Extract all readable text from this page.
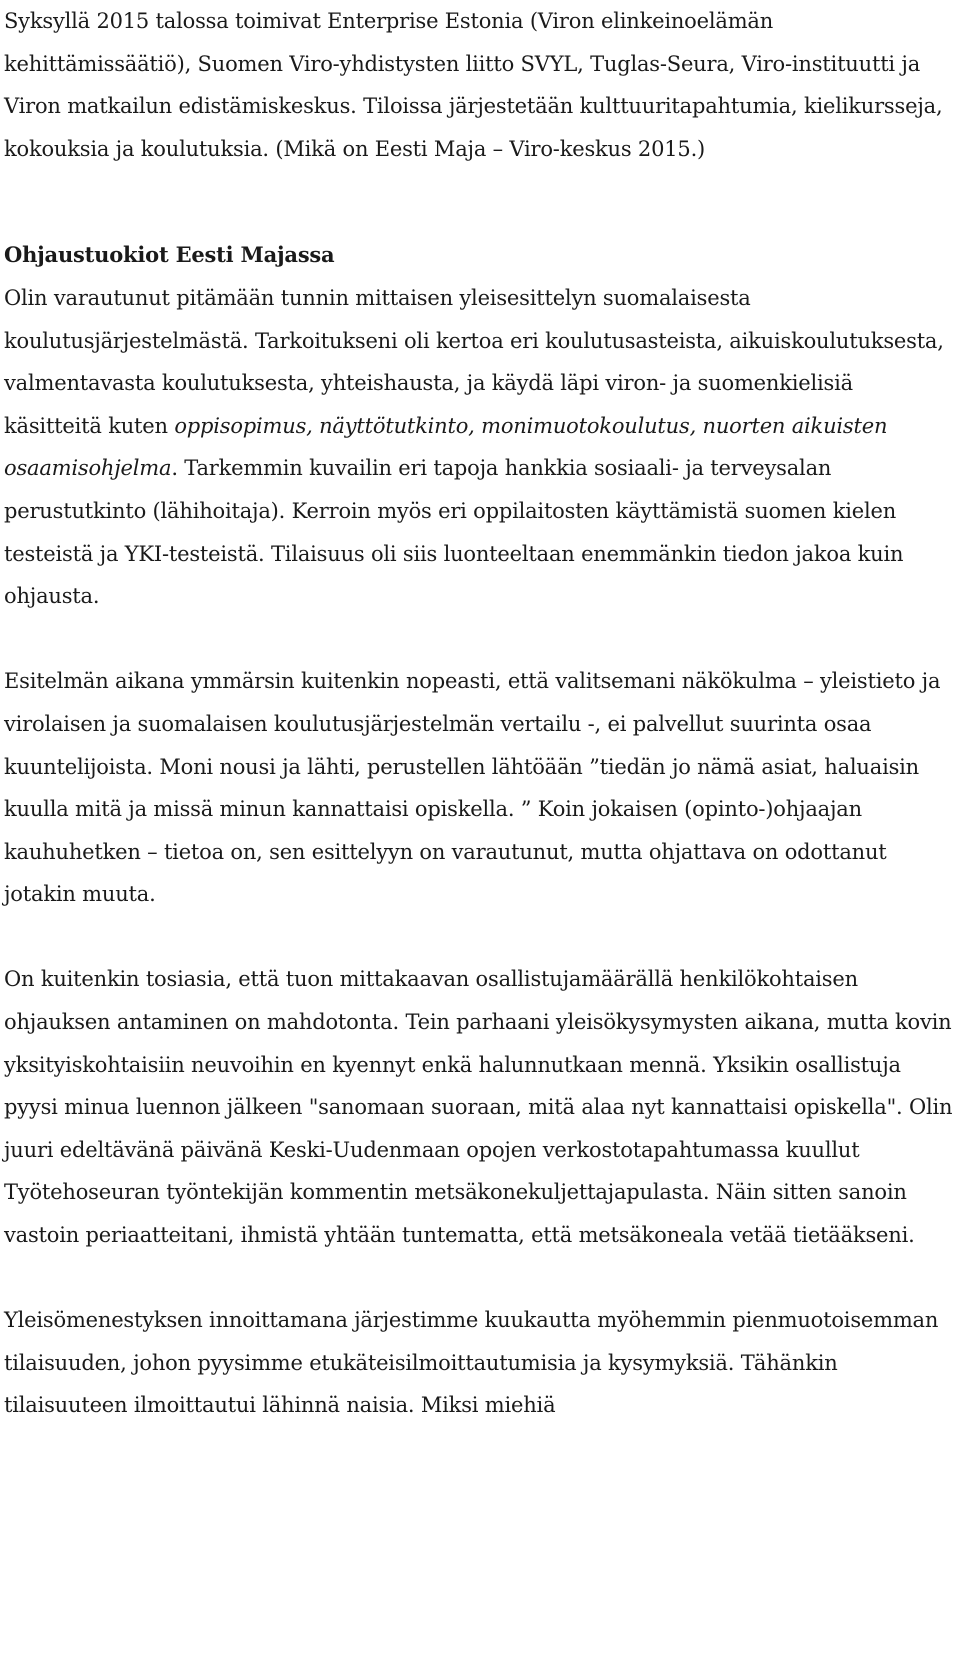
Syksyllä 2015 talossa toimivat Enterprise Estonia (Viron elinkeinoelämän kehittämissäätiö), Suomen Viro-yhdistysten liitto SVYL, Tuglas-Seura, Viro-instituutti ja Viron matkailun edistämiskeskus. Tiloissa järjestetään kulttuuritapahtumia, kielikursseja, kokouksia ja koulutuksia. (Mikä on Eesti Maja – Viro-keskus 2015.)

Ohjaustuokiot Eesti Majassa

Olin varautunut pitämään tunnin mittaisen yleisesittelyn suomalaisesta koulutusjärjestelmästä. Tarkoitukseni oli kertoa eri koulutusasteista, aikuiskoulutuksesta, valmentavasta koulutuksesta, yhteishausta, ja käydä läpi viron- ja suomenkielisiä käsitteitä kuten oppisopimus, näyttötutkinto, monimuotokoulutus, nuorten aikuisten osaamisohjelma. Tarkemmin kuvailin eri tapoja hankkia sosiaali- ja terveysalan perustutkinto (lähihoitaja). Kerroin myös eri oppilaitosten käyttämistä suomen kielen testeistä ja YKI-testeistä. Tilaisuus oli siis luonteeltaan enemmänkin tiedon jakoa kuin ohjausta.

Esitelmän aikana ymmärsin kuitenkin nopeasti, että valitsemani näkökulma – yleistieto ja virolaisen ja suomalaisen koulutusjärjestelmän vertailu -, ei palvellut suurinta osaa kuuntelijoista. Moni nousi ja lähti, perustellen lähtöään ”tiedän jo nämä asiat, haluaisin kuulla mitä ja missä minun kannattaisi opiskella. ” Koin jokaisen (opinto-)ohjaajan kauhuhetken – tietoa on, sen esittelyyn on varautunut, mutta ohjattava on odottanut jotakin muuta.

On kuitenkin tosiasia, että tuon mittakaavan osallistujamäärällä henkilökohtaisen ohjauksen antaminen on mahdotonta. Tein parhaani yleisökysymysten aikana, mutta kovin yksityiskohtaisiin neuvoihin en kyennyt enkä halunnutkaan mennä. Yksikin osallistuja pyysi minua luennon jälkeen "sanomaan suoraan, mitä alaa nyt kannattaisi opiskella". Olin juuri edeltävänä päivänä Keski-Uudenmaan opojen verkostotapahtumassa kuullut Työtehoseuran työntekijän kommentin metsäkonekuljettajapulasta. Näin sitten sanoin vastoin periaatteitani, ihmistä yhtään tuntematta, että metsäkoneala vetää tietääkseni.

Yleisömenestyksen innoittamana järjestimme kuukautta myöhemmin pienmuotoisemman tilaisuuden, johon pyysimme etukäteisilmoittautumisia ja kysymyksiä. Tähänkin tilaisuuteen ilmoittautui lähinnä naisia. Miksi miehiä
